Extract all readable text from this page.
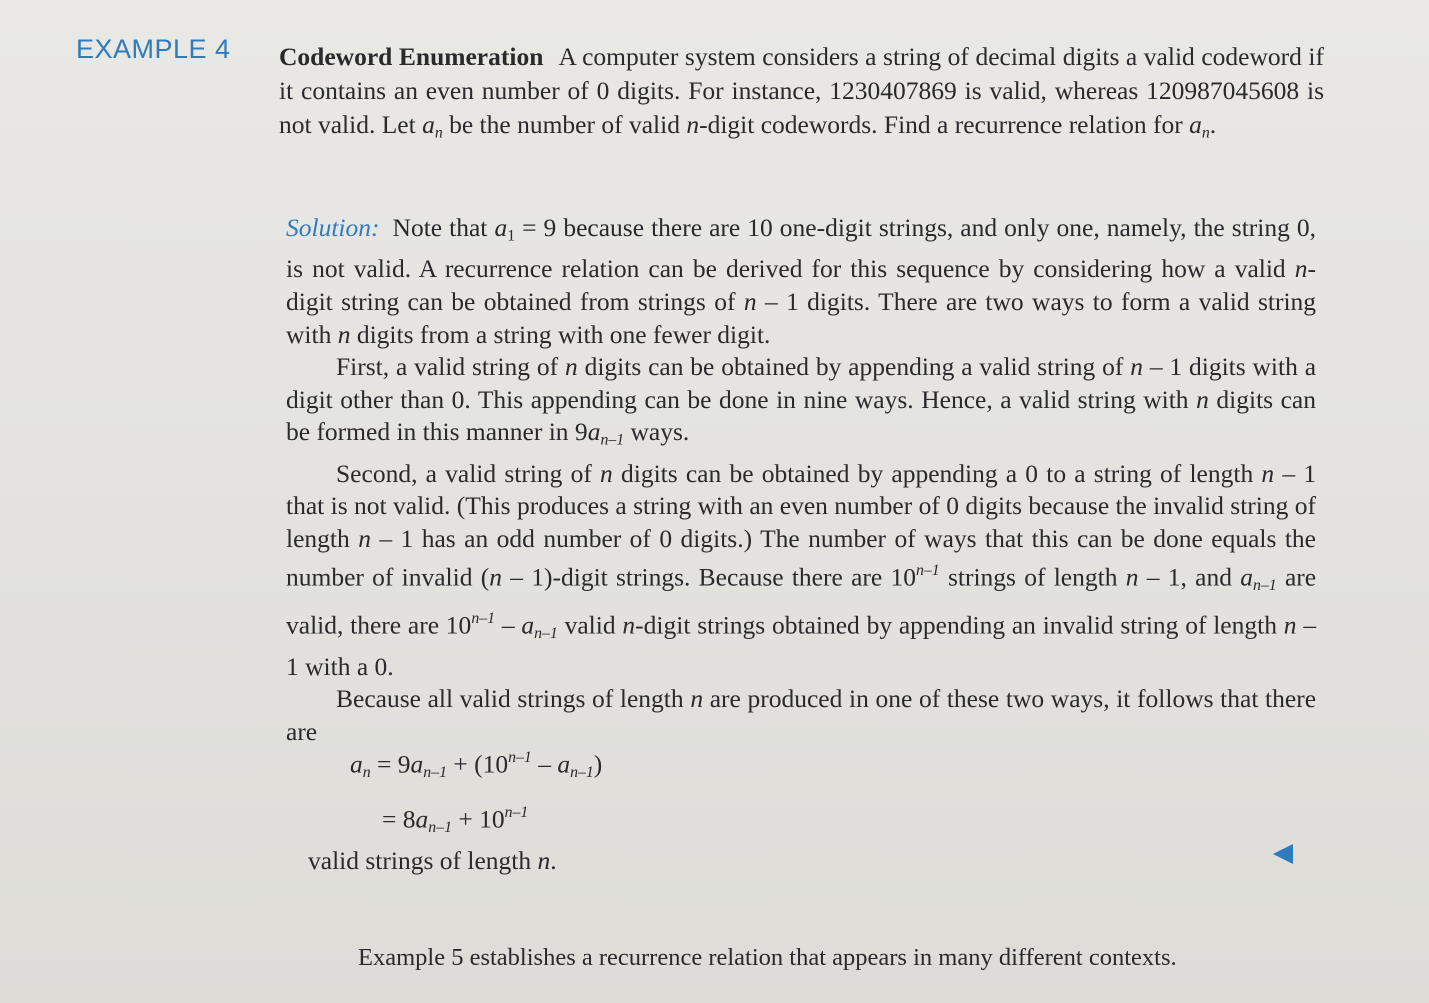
EXAMPLE 4 Codeword Enumeration A computer system considers a string of decimal digits a valid codeword if it contains an even number of 0 digits. For instance, 1230407869 is valid, whereas 120987045608 is not valid. Let $a_n$ be the number of valid n-digit codewords. Find a recurrence relation for $a_n$.

Solution: Note that $a_1 = 9$ because there are 10 one-digit strings, and only one, namely, the string 0, is not valid. A recurrence relation can be derived for this sequence by considering how a valid n-digit string can be obtained from strings of n – 1 digits. There are two ways to form a valid string with n digits from a string with one fewer digit.

First, a valid string of n digits can be obtained by appending a valid string of n – 1 digits with a digit other than 0. This appending can be done in nine ways. Hence, a valid string with n digits can be formed in this manner in $9a_{n-1}$ ways.

Second, a valid string of n digits can be obtained by appending a 0 to a string of length n – 1 that is not valid. (This produces a string with an even number of 0 digits because the invalid string of length n – 1 has an odd number of 0 digits.) The number of ways that this can be done equals the number of invalid (n – 1)-digit strings. Because there are 10$^{n-1}$ strings of length n – 1, and $a_{n-1}$ are valid, there are $10^{n-1} - a_{n-1}$ valid n-digit strings obtained by appending an invalid string of length n – 1 with a 0.

Because all valid strings of length n are produced in one of these two ways, it follows that there are

$a_n = 9a_{n-1} + (10^{n-1} - a_{n-1})$
= $8a_{n-1} + 10^{n-1}$
valid strings of length n.
Example 5 establishes a recurrence relation that appears in many different contexts.
